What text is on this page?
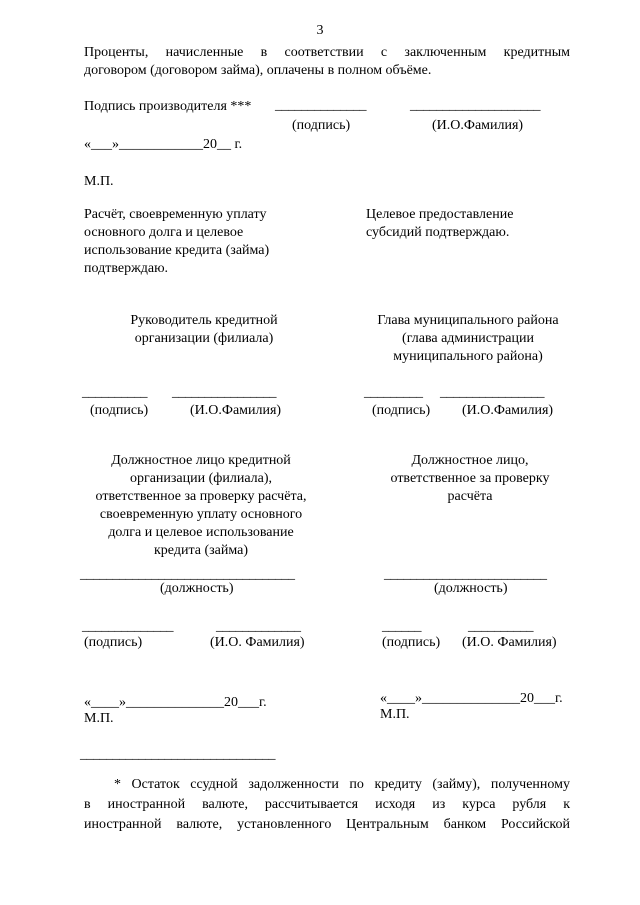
3
Проценты, начисленные в соответствии с заключенным кредитным
договором (договором займа), оплачены в полном объёме.
Подпись производителя *** ______________	____________________
(подпись)	(И.О.Фамилия)
«___»____________20__ г.
М.П.
Расчёт, своевременную уплату
основного долга и целевое
использование кредита (займа)
подтверждаю.
Целевое предоставление
субсидий подтверждаю.
Руководитель кредитной
организации (филиала)
__________ ________________
(подпись)	(И.О.Фамилия)
Глава муниципального района
(глава администрации
муниципального района)
_________ ________________
(подпись) (И.О.Фамилия)
Должностное лицо кредитной
организации (филиала),
ответственное за проверку расчёта,
своевременную уплату основного
долга и целевое использование
кредита (займа)
_________________________________
(должность)
______________	_____________
(подпись)	(И.О. Фамилия)
«____»______________20___г.
М.П.
Должностное лицо,
ответственное за проверку
расчёта
_________________________
(должность)
______	__________
(подпись) (И.О. Фамилия)
«____»______________20___г.
М.П.
______________________________
* Остаток ссудной задолженности по кредиту (займу), полученному
в иностранной валюте, рассчитывается исходя из курса рубля к
иностранной валюте, установленного Центральным банком Российской
